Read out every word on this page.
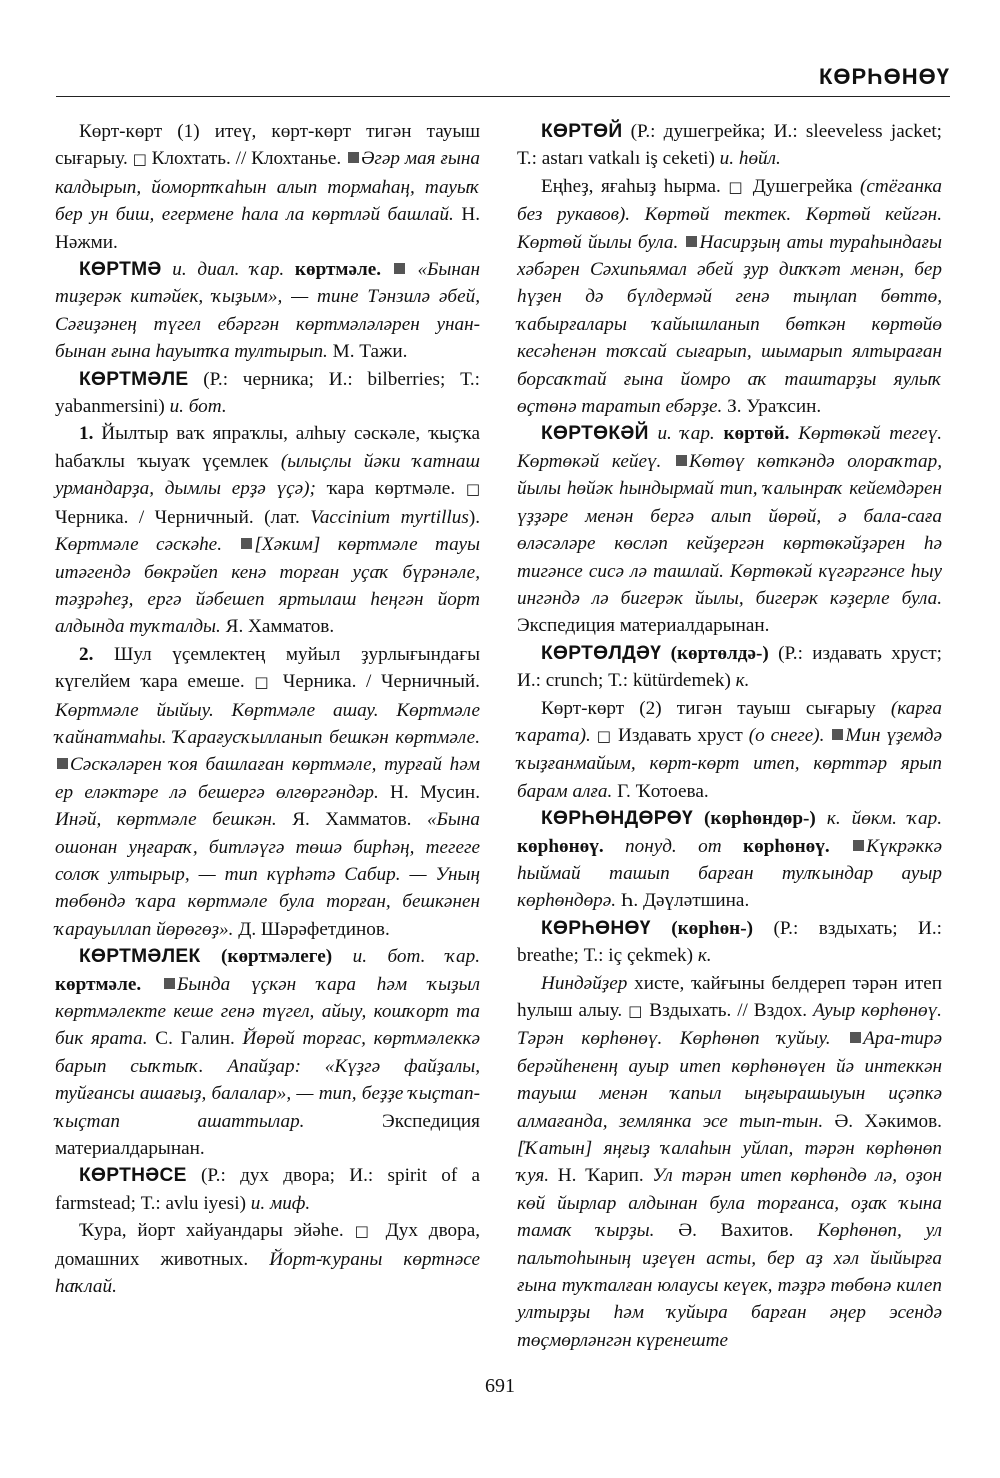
КӨРҺӨНӨҮ

Көрт-көрт (1) итеү, көрт-көрт тигән тауыш сығарыу. □ Клохтать. // Клохтанье. Әгәр мая ғына калдырып, йомортҡаһын алып тормаһаң, тауыҡ бер ун биш, егермене һала ла көртләй башлай. Н. Нәжми.

КӨРТМӘ и. диал. ҡар. көртмәле.  «Бынан тиҙерәк китәйек, ҡыҙым», — тине Тәнзилә әбей, Сәғиҙәнең түгел ебәргән көртмәләләрен унан-бынан ғына һауытҡа тултырып. М. Тажи.

КӨРТМӘЛЕ (Р.: черника; И.: bilberries; Т.: yabanmersini) и. бот.

1. Йылтыр ваҡ япраҡлы, алһыу сәскәле, ҡыҫҡа һабаҡлы ҡыуаҡ үҫемлек (ылыҫлы йәки ҡатнаш урмандарҙа, дымлы ерҙә үҫә); ҡара көртмәле. □ Черника. / Черничный. (лат. Vaccinium myrtillus). Көртмәле сәскәһе. [Хәким] көртмәле тауы итәгендә бөкрәйеп кенә торған уҫаҡ бүрәнәле, тәҙрәһеҙ, ергә йәбешеп яртылаш һеңгән йорт алдында туҡталды. Я. Хамматов.

2. Шул үҫемлектең муйыл ҙурлығындағы күгелйем ҡара емеше. □ Черника. / Черничный. Көртмәле йыйыу. Көртмәле ашау. Көртмәле ҡайнатмаһы. Ҡарағусҡылланып бешкән көртмәле. Сәскәләрен ҡоя башлаған көртмәле, турғай һәм ер еләктәре лә бешергә өлгөргәндәр. Н. Мусин. Инәй, көртмәле бешкән. Я. Хамматов. «Бына ошонан уңғараҡ, битләүгә төшә бирһәң, тегеге солоҡ ултырыр, — тип күрһәтә Сабир. — Уның төбөндә ҡара көртмәле була торған, бешкәнен ҡарауыллап йөрөгөҙ». Д. Шәрәфетдинов.

КӨРТМӘЛЕК (көртмәлеге) и. бот. ҡар. көртмәле. Бында үҫкән ҡара һәм ҡыҙыл көртмәлекте кеше генә түгел, айыу, кошҡорт та бик ярата. С. Галин. Йөрөй торғас, көртмәлеккә барып сыҡтыҡ. Апайҙар: «Күҙгә файҙалы, туйғансы ашағыҙ, балалар», — тип, беҙҙе ҡыҫтап-ҡыҫтап ашаттылар. Экспедиция материалдарынан.

КӨРТНӘСЕ (Р.: дух двора; И.: spirit of a farmstead; Т.: avlu iyesi) и. миф.

Ҡура, йорт хайуандары эйәһе. □ Дух двора, домашних животных. Йорт-ҡураны көртнәсе һаҡлай.

КӨРТӨЙ (Р.: душегрейка; И.: sleeveless jacket; Т.: astarı vatkalı iş ceketi) и. һөйл.

Еңһеҙ, яғаһыҙ һырма. □ Душегрейка (стёганка без рукавов). Көртөй тектек. Көртөй кейгән. Көртөй йылы була. Насирҙың аты тураһындағы хәбәрен Сәхипьямал әбей ҙур диҡҡәт менән, бер һүҙен дә бүлдермәй генә тыңлап бөттө, ҡабырғалары ҡайышланып бөткән көртөйө кесәһенән тоҡсай сығарып, шымарып ялтыраған борсаҡтай ғына йомро аҡ таштарҙы яулыҡ өҫтөнә таратып ебәрҙе. З. Ураҡсин.

КӨРТӨКӘЙ и. ҡар. көртөй. Көртөкәй тегеү. Көртөкәй кейеү. Көтөү көткәндә олораҡтар, йылы һөйәк һындырмай тип, ҡалынраҡ кейемдәрен үҙҙәре менән бергә алып йөрөй, ә бала-саға өләсәләре көсләп кейҙергән көртөкәйҙәрен һә тигәнсе сисә лә ташлай. Көртөкәй күгәргәнсе һыу ингәндә лә бигерәк йылы, бигерәк кәҙерле була. Экспедиция материалдарынан.

КӨРТӨЛДӘҮ (көртөлдә-) (Р.: издавать хруст; И.: crunch; Т.: kütürdemek) к.

Көрт-көрт (2) тигән тауыш сығарыу (карға ҡарата). □ Издавать хруст (о снеге). Мин үҙемдә ҡыҙғанмайым, көрт-көрт итеп, көрттәр ярып барам алға. Г. Ҡотоева.

КӨРҺӨНДӨРӨҮ (көрһөндөр-) к. йөкм. ҡар. көрһөнөү. понуд. от көрһөнөү. Күкрәккә һыймай ташып барған тулҡындар ауыр көрһөндөрә. Һ. Дәүләтшина.

КӨРҺӨНӨҮ (көрһөн-) (Р.: вздыхать; И.: breathe; Т.: iç çekmek) к.

Ниндәйҙер хисте, ҡайғыны белдереп тәрән итеп һулыш алыу. □ Вздыхать. // Вздох. Ауыр көрһөнөү. Тәрән көрһөнөү. Көрһөнөп ҡуйыу. Ара-тирә берәйһененң ауыр итеп көрһөнөүен йә интеккән тауыш менән ҡапыл ыңғырашыуын иҫәпкә алмағанда, землянка эсе тып-тын. Ә. Хәкимов. [Ҡатын] яңғыҙ ҡалаһын уйлап, тәрән көрһөнөп ҡуя. Н. Ҡарип. Ул тәрән итеп көрһөндө лә, оҙон көй йырлар алдынан була торғанса, оҙаҡ ҡына тамаҡ ҡырҙы. Ә. Вахитов. Көрһөнөп, ул пальтоһының иҙеүен асты, бер аҙ хәл йыйырға ғына туҡталған юлаусы кеүек, тәҙрә төбөнә килеп ултырҙы һәм ҡуйыра барған әңер эсендә төҫмөрләнгән күренеште

691
